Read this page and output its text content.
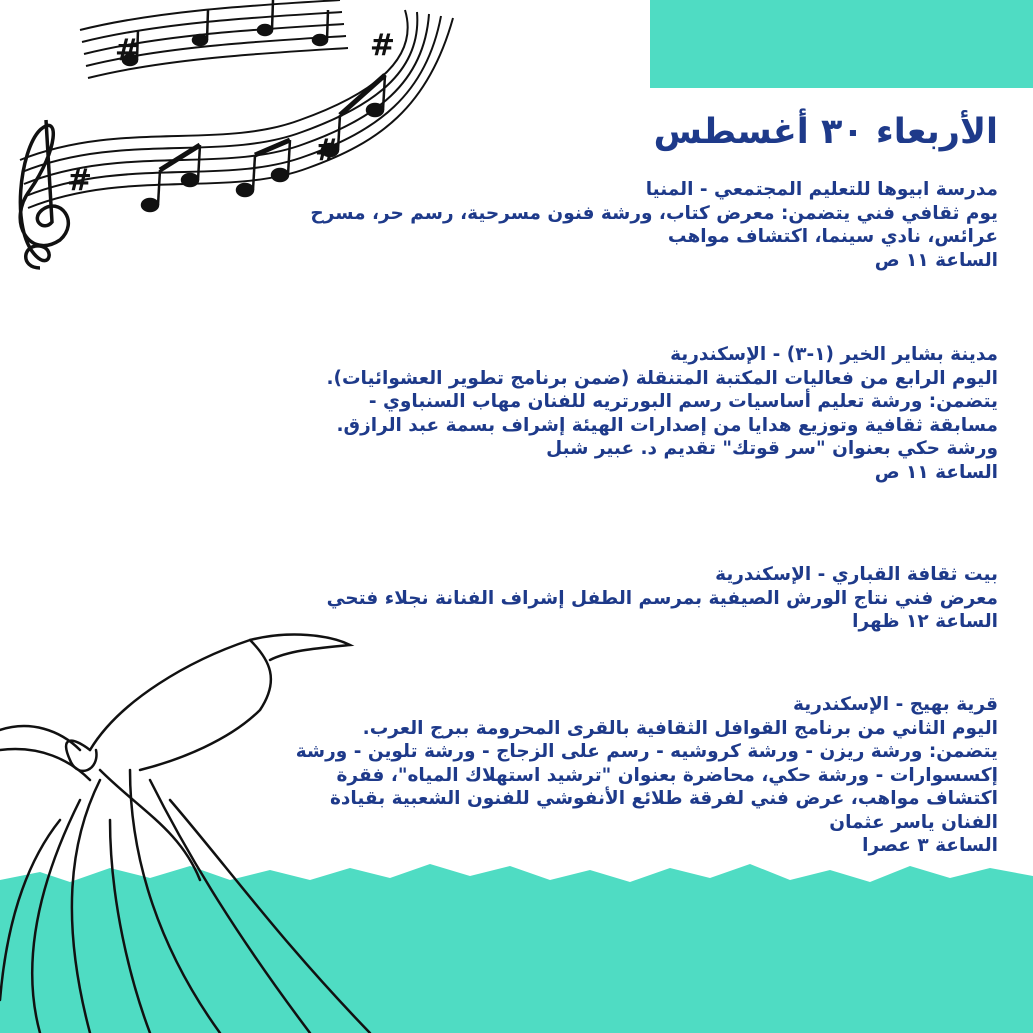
#
#
#
#
الأربعاء ٣٠ أغسطس
مدرسة ابيوها للتعليم المجتمعي - المنيا
يوم ثقافي فني يتضمن: معرض كتاب، ورشة فنون مسرحية، رسم حر، مسرح
عرائس، نادي سينما، اكتشاف مواهب
الساعة ١١ ص
مدينة بشاير الخير (١-٣) - الإسكندرية
اليوم الرابع من فعاليات المكتبة المتنقلة (ضمن برنامج تطوير العشوائيات).
يتضمن: ورشة تعليم أساسيات رسم البورتريه للفنان مهاب السنباوي -
مسابقة ثقافية وتوزيع هدايا من إصدارات الهيئة إشراف بسمة عبد الرازق.
ورشة حكي بعنوان "سر قوتك" تقديم د. عبير شبل
الساعة ١١ ص
بيت ثقافة القباري - الإسكندرية
معرض فني نتاج الورش الصيفية بمرسم الطفل إشراف الفنانة نجلاء فتحي
الساعة ١٢ ظهرا
قرية بهيج - الإسكندرية
اليوم الثاني من برنامج القوافل الثقافية بالقرى المحرومة ببرج العرب.
يتضمن: ورشة ريزن - ورشة كروشيه - رسم على الزجاج - ورشة تلوين - ورشة
إكسسوارات - ورشة حكي، محاضرة بعنوان "ترشيد استهلاك المياه"، فقرة
اكتشاف مواهب، عرض فني لفرقة طلائع الأنفوشي للفنون الشعبية بقيادة
الفنان ياسر عثمان
الساعة ٣ عصرا
